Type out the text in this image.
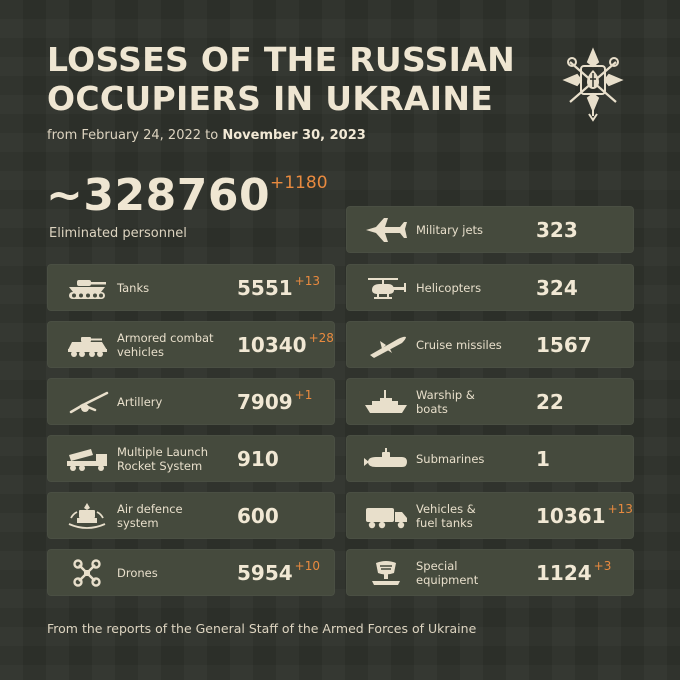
LOSSES OF THE RUSSIAN
OCCUPIERS IN UKRAINE
from February 24, 2022 to November 30, 2023
~328760 +1180
Eliminated personnel
Tanks	5551 $^{+13}$
Armored combat
vehicles	10340 $^{+28}$
Artillery	7909 $^{+1}$
Multiple Launch
Rocket System	910
Air defence
system	600
Drones	5954 $^{+10}$
Military jets	323
Helicopters	324
Cruise missiles	1567
Warship &
boats	22
Submarines	1
Vehicles &
fuel tanks	10361 $^{+13}$
Special
equipment	1124 $^{+3}$
From the reports of the General Staff of the Armed Forces of Ukraine
